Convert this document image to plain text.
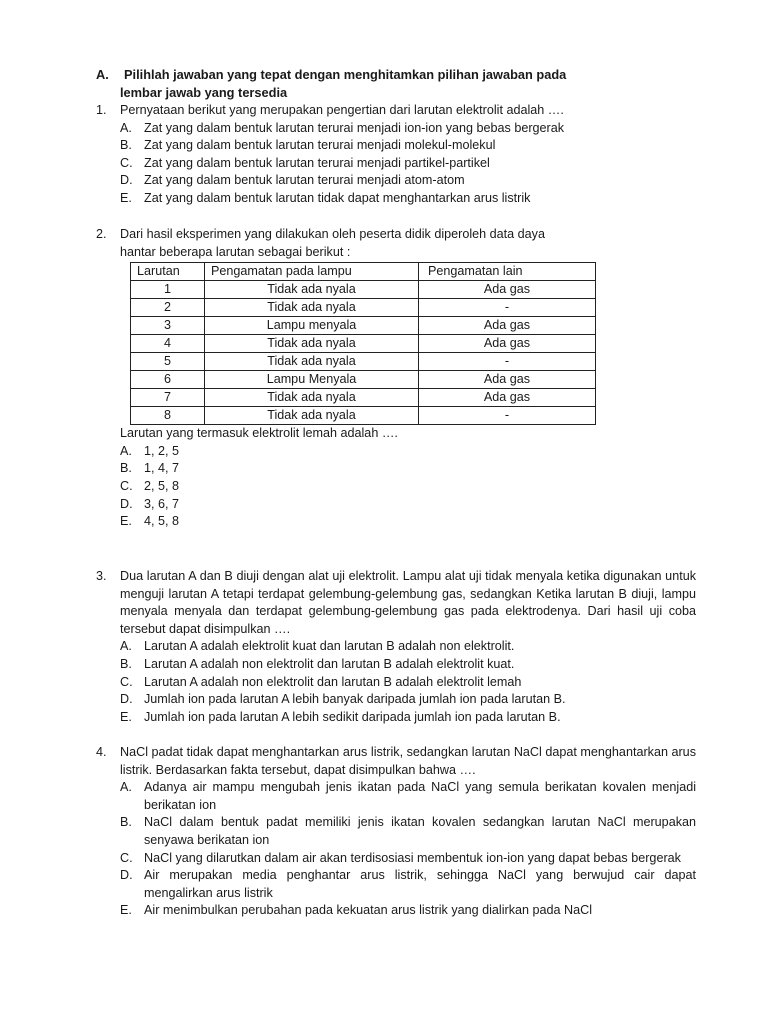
A. Pilihlah jawaban yang tepat dengan menghitamkan pilihan jawaban pada
lembar jawab yang tersedia
1. Pernyataan berikut yang merupakan pengertian dari larutan elektrolit adalah ….
A. Zat yang dalam bentuk larutan terurai menjadi ion-ion yang bebas bergerak
B. Zat yang dalam bentuk larutan terurai menjadi molekul-molekul
C. Zat yang dalam bentuk larutan terurai menjadi partikel-partikel
D. Zat yang dalam bentuk larutan terurai menjadi atom-atom
E. Zat yang dalam bentuk larutan tidak dapat menghantarkan arus listrik
2. Dari hasil eksperimen yang dilakukan oleh peserta didik diperoleh data daya
hantar beberapa larutan sebagai berikut :
Larutan	Pengamatan pada lampu	Pengamatan lain
1	Tidak ada nyala	Ada gas
2	Tidak ada nyala	-
3	Lampu menyala	Ada gas
4	Tidak ada nyala	Ada gas
5	Tidak ada nyala	-
6	Lampu Menyala	Ada gas
7	Tidak ada nyala	Ada gas
8	Tidak ada nyala	-
Larutan yang termasuk elektrolit lemah adalah ….
A. 1, 2, 5
B. 1, 4, 7
C. 2, 5, 8
D. 3, 6, 7
E. 4, 5, 8
3. Dua larutan A dan B diuji dengan alat uji elektrolit. Lampu alat uji tidak menyala ketika digunakan untuk menguji larutan A tetapi terdapat gelembung-gelembung gas, sedangkan Ketika larutan B diuji, lampu menyala menyala dan terdapat gelembung-gelembung gas pada elektrodenya. Dari hasil uji coba tersebut dapat disimpulkan ….
A. Larutan A adalah elektrolit kuat dan larutan B adalah non elektrolit.
B. Larutan A adalah non elektrolit dan larutan B adalah elektrolit kuat.
C. Larutan A adalah non elektrolit dan larutan B adalah elektrolit lemah
D. Jumlah ion pada larutan A lebih banyak daripada jumlah ion pada larutan B.
E. Jumlah ion pada larutan A lebih sedikit daripada jumlah ion pada larutan B.
4. NaCl padat tidak dapat menghantarkan arus listrik, sedangkan larutan NaCl dapat menghantarkan arus listrik. Berdasarkan fakta tersebut, dapat disimpulkan bahwa ….
A. Adanya air mampu mengubah jenis ikatan pada NaCl yang semula berikatan kovalen menjadi berikatan ion
B. NaCl dalam bentuk padat memiliki jenis ikatan kovalen sedangkan larutan NaCl merupakan senyawa berikatan ion
C. NaCl yang dilarutkan dalam air akan terdisosiasi membentuk ion-ion yang dapat bebas bergerak
D. Air merupakan media penghantar arus listrik, sehingga NaCl yang berwujud cair dapat mengalirkan arus listrik
E. Air menimbulkan perubahan pada kekuatan arus listrik yang dialirkan pada NaCl
